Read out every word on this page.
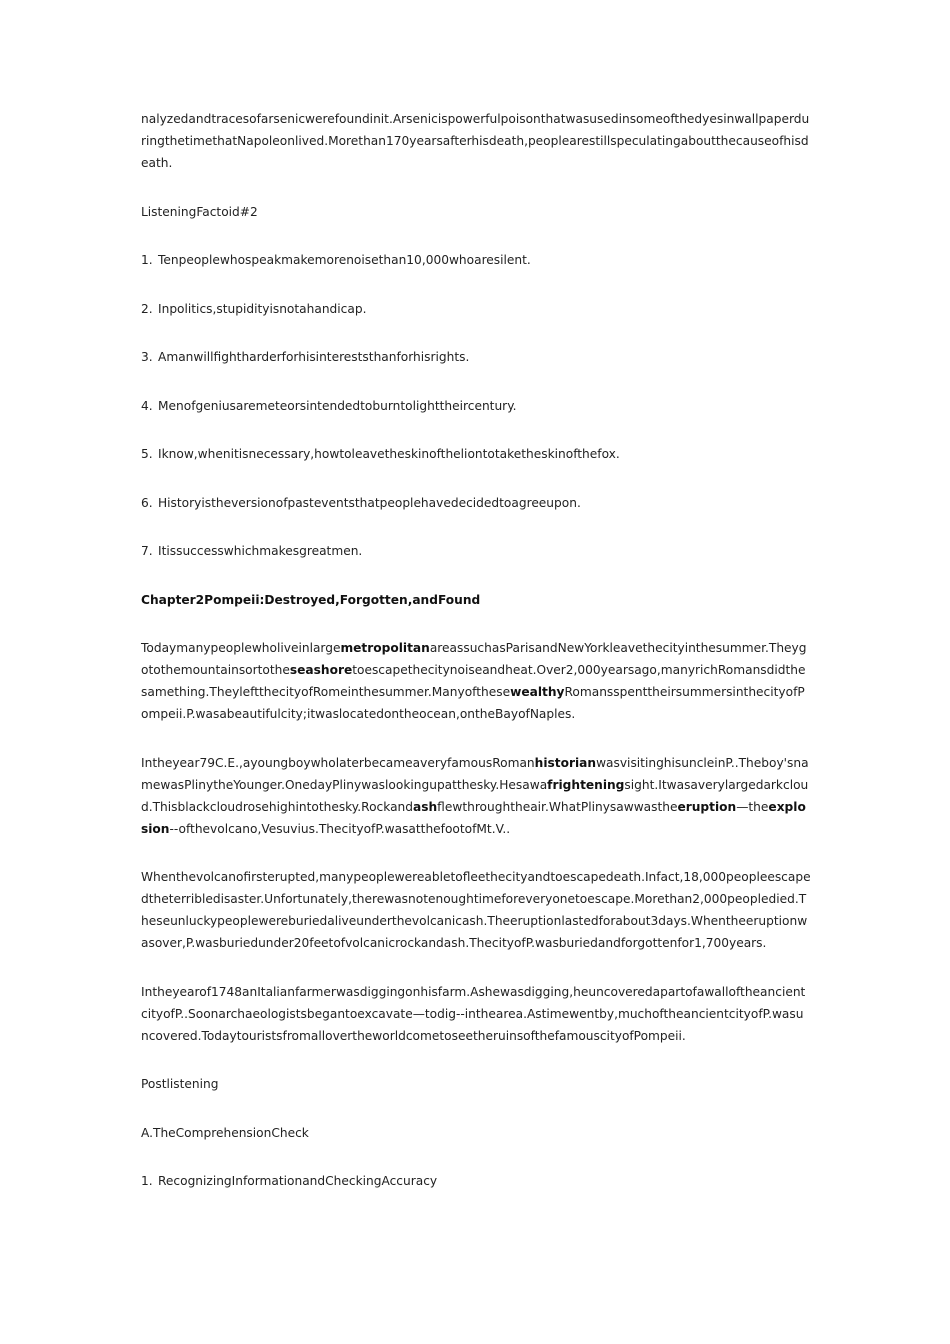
nalyzedandtracesofarsenicwerefoundinit.ArsenicispowerfulpoisonthatwasusedinsomeofthedyesinwallpaperduringthetimethatNapoleonlived.Morethan170yearsafterhisdeath,peoplearestillspeculatingaboutthecauseofhisdeath.

ListeningFactoid#2

1. Tenpeoplewhospeakmakemorenoisethan10,000whoaresilent.

2. Inpolitics,stupidityisnotahandicap.

3. Amanwillfightharderforhisintereststhanforhisrights.

4. Menofgeniusaremeteorsintendedtoburntolighttheircentury.

5. Iknow,whenitisnecessary,howtoleavetheskinoftheliontotaketheskinofthefox.

6. Historyistheversionofpasteventsthatpeoplehavedecidedtoagreeupon.

7. Itissuccesswhichmakesgreatmen.

Chapter2Pompeii:Destroyed,Forgotten,andFound

TodaymanypeoplewholiveinlargemetropolitanareassuchasParisandNewYorkleavethecityinthesummer.Theygotothemountainsortotheseashoretoescapethecitynoiseandheat.Over2,000yearsago,manyrichRomansdidthesamething.TheyleftthecityofRomeinthesummer.ManyofthesewealthyRomansspenttheirsummersinthecityofPompeii.P.wasabeautifulcity;itwaslocatedontheocean,ontheBayofNaples.

Intheyear79C.E.,ayoungboywholaterbecameaveryfamousRomanhistorianwasvisitinghisuncleinP..Theboy'snamewasPlinytheYounger.OnedayPlinywaslookingupatthesky.Hesawafrighteningsight.Itwasaverylargedarkcloud.Thisblackcloudrosehighintothesky.Rockandashflewthroughtheair.WhatPlinysawwastheeruption—theexplosion--ofthevolcano,Vesuvius.ThecityofP.wasatthefootofMt.V..

Whenthevolcanofirsterupted,manypeoplewereabletofleethecityandtoescapedeath.Infact,18,000peopleescapedtheterribledisaster.Unfortunately,therewasnotenoughtimeforeveryonetoescape.Morethan2,000peopledied.Theseunluckypeoplewereburiedaliveunderthevolcanicash.Theeruptionlastedforabout3days.Whentheeruptionwasover,P.wasburiedunder20feetofvolcanicrockandash.ThecityofP.wasburiedandforgottenfor1,700years.

Intheyearof1748anItalianfarmerwasdiggingonhisfarm.Ashewasdigging,heuncoveredapartofawalloftheancientcityofP..Soonarchaeologistsbegantoexcavate—todig--inthearea.Astimewentby,muchoftheancientcityofP.wasuncovered.TodaytouristsfromallovertheworldcometoseetheruinsofthefamouscityofPompeii.

Postlistening

A.TheComprehensionCheck

1. RecognizingInformationandCheckingAccuracy
